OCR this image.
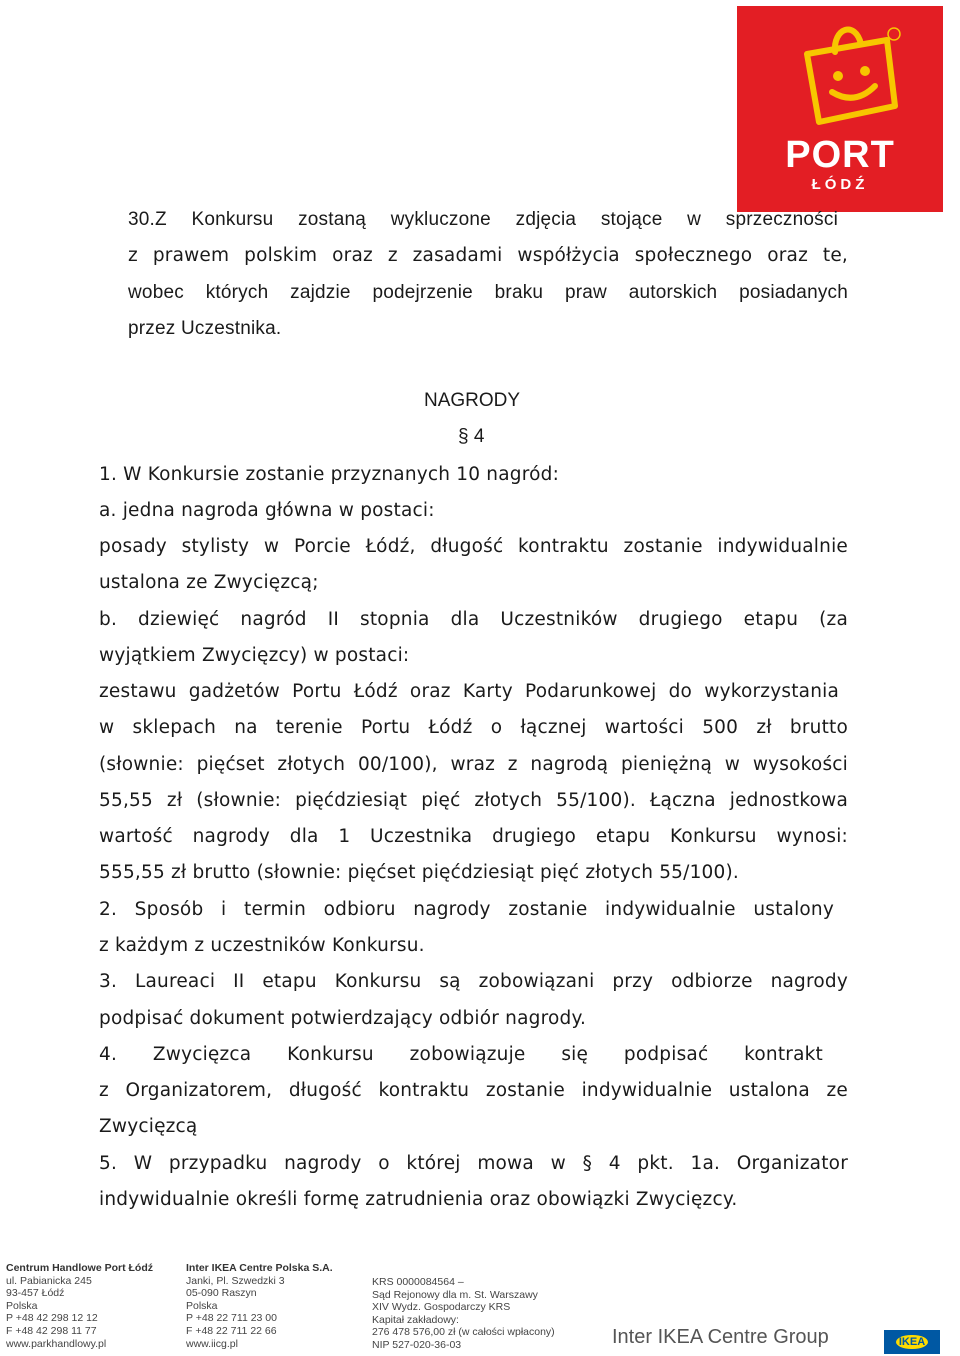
PORT
ŁÓDŹ
30.Z Konkursu zostaną wykluczone zdjęcia stojące w sprzeczności
z prawem polskim oraz z zasadami współżycia społecznego oraz te,
wobec których zajdzie podejrzenie braku praw autorskich posiadanych
przez Uczestnika.
NAGRODY
§ 4
1. W Konkursie zostanie przyznanych 10 nagród:
a. jedna nagroda główna w postaci:
posady stylisty w Porcie Łódź, długość kontraktu zostanie indywidualnie
ustalona ze Zwycięzcą;
b. dziewięć nagród II stopnia dla Uczestników drugiego etapu (za
wyjątkiem Zwycięzcy) w postaci:
zestawu gadżetów Portu Łódź oraz Karty Podarunkowej do wykorzystania
w sklepach na terenie Portu Łódź o łącznej wartości 500 zł brutto
(słownie: pięćset złotych 00/100), wraz z nagrodą pieniężną w wysokości
55,55 zł (słownie: pięćdziesiąt pięć złotych 55/100). Łączna jednostkowa
wartość nagrody dla 1 Uczestnika drugiego etapu Konkursu wynosi:
555,55 zł brutto (słownie: pięćset pięćdziesiąt pięć złotych 55/100).
2. Sposób i termin odbioru nagrody zostanie indywidualnie ustalony
z każdym z uczestników Konkursu.
3. Laureaci II etapu Konkursu są zobowiązani przy odbiorze nagrody
podpisać dokument potwierdzający odbiór nagrody.
4. Zwycięzca Konkursu zobowiązuje się podpisać kontrakt
z Organizatorem, długość kontraktu zostanie indywidualnie ustalona ze
Zwycięzcą
5. W przypadku nagrody o której mowa w § 4 pkt. 1a. Organizator
indywidualnie określi formę zatrudnienia oraz obowiązki Zwycięzcy.
Centrum Handlowe Port Łódź
ul. Pabianicka 245
93-457 Łódź
Polska
P +48 42 298 12 12
F +48 42 298 11 77
www.parkhandlowy.pl
Inter IKEA Centre Polska S.A.
Janki, Pl. Szwedzki 3
05-090 Raszyn
Polska
P +48 22 711 23 00
F +48 22 711 22 66
www.iicg.pl
KRS 0000084564 –
Sąd Rejonowy dla m. St. Warszawy
XIV Wydz. Gospodarczy KRS
Kapitał zakładowy:
276 478 576,00 zł (w całości wpłacony)
NIP 527-020-36-03	Inter IKEA Centre Group	IKEA
